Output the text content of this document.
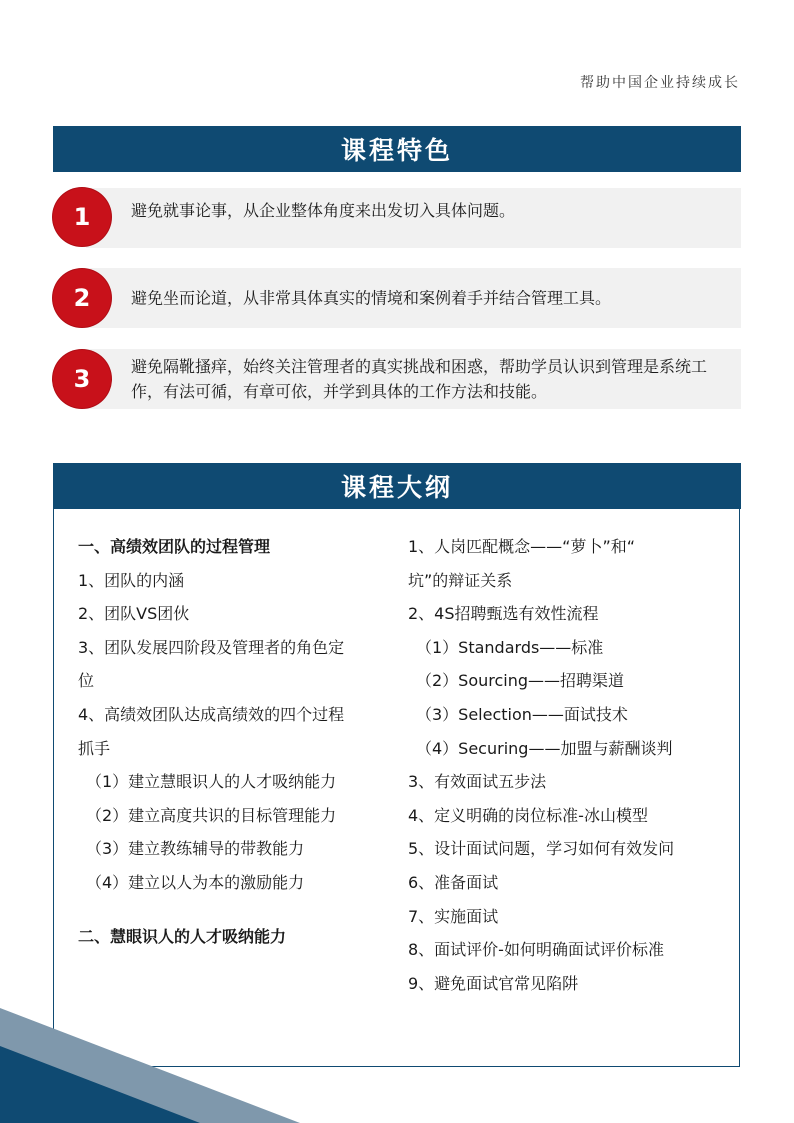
帮助中国企业持续成长
课程特色
避免就事论事，从企业整体角度来出发切入具体问题。
1
避免坐而论道，从非常具体真实的情境和案例着手并结合管理工具。
2
避免隔靴搔痒，始终关注管理者的真实挑战和困惑，帮助学员认识到管理是系统工作，有法可循，有章可依，并学到具体的工作方法和技能。
3
课程大纲
一、高绩效团队的过程管理
1、团队的内涵
2、团队VS团伙
3、团队发展四阶段及管理者的角色定
位
4、高绩效团队达成高绩效的四个过程
抓手
（1）建立慧眼识人的人才吸纳能力
（2）建立高度共识的目标管理能力
（3）建立教练辅导的带教能力
（4）建立以人为本的激励能力
二、慧眼识人的人才吸纳能力
1、人岗匹配概念——“萝卜”和“
坑”的辩证关系
2、4S招聘甄选有效性流程
（1）Standards——标准
（2）Sourcing——招聘渠道
（3）Selection——面试技术
（4）Securing——加盟与薪酬谈判
3、有效面试五步法
4、定义明确的岗位标准-冰山模型
5、设计面试问题，学习如何有效发问
6、准备面试
7、实施面试
8、面试评价-如何明确面试评价标准
9、避免面试官常见陷阱
